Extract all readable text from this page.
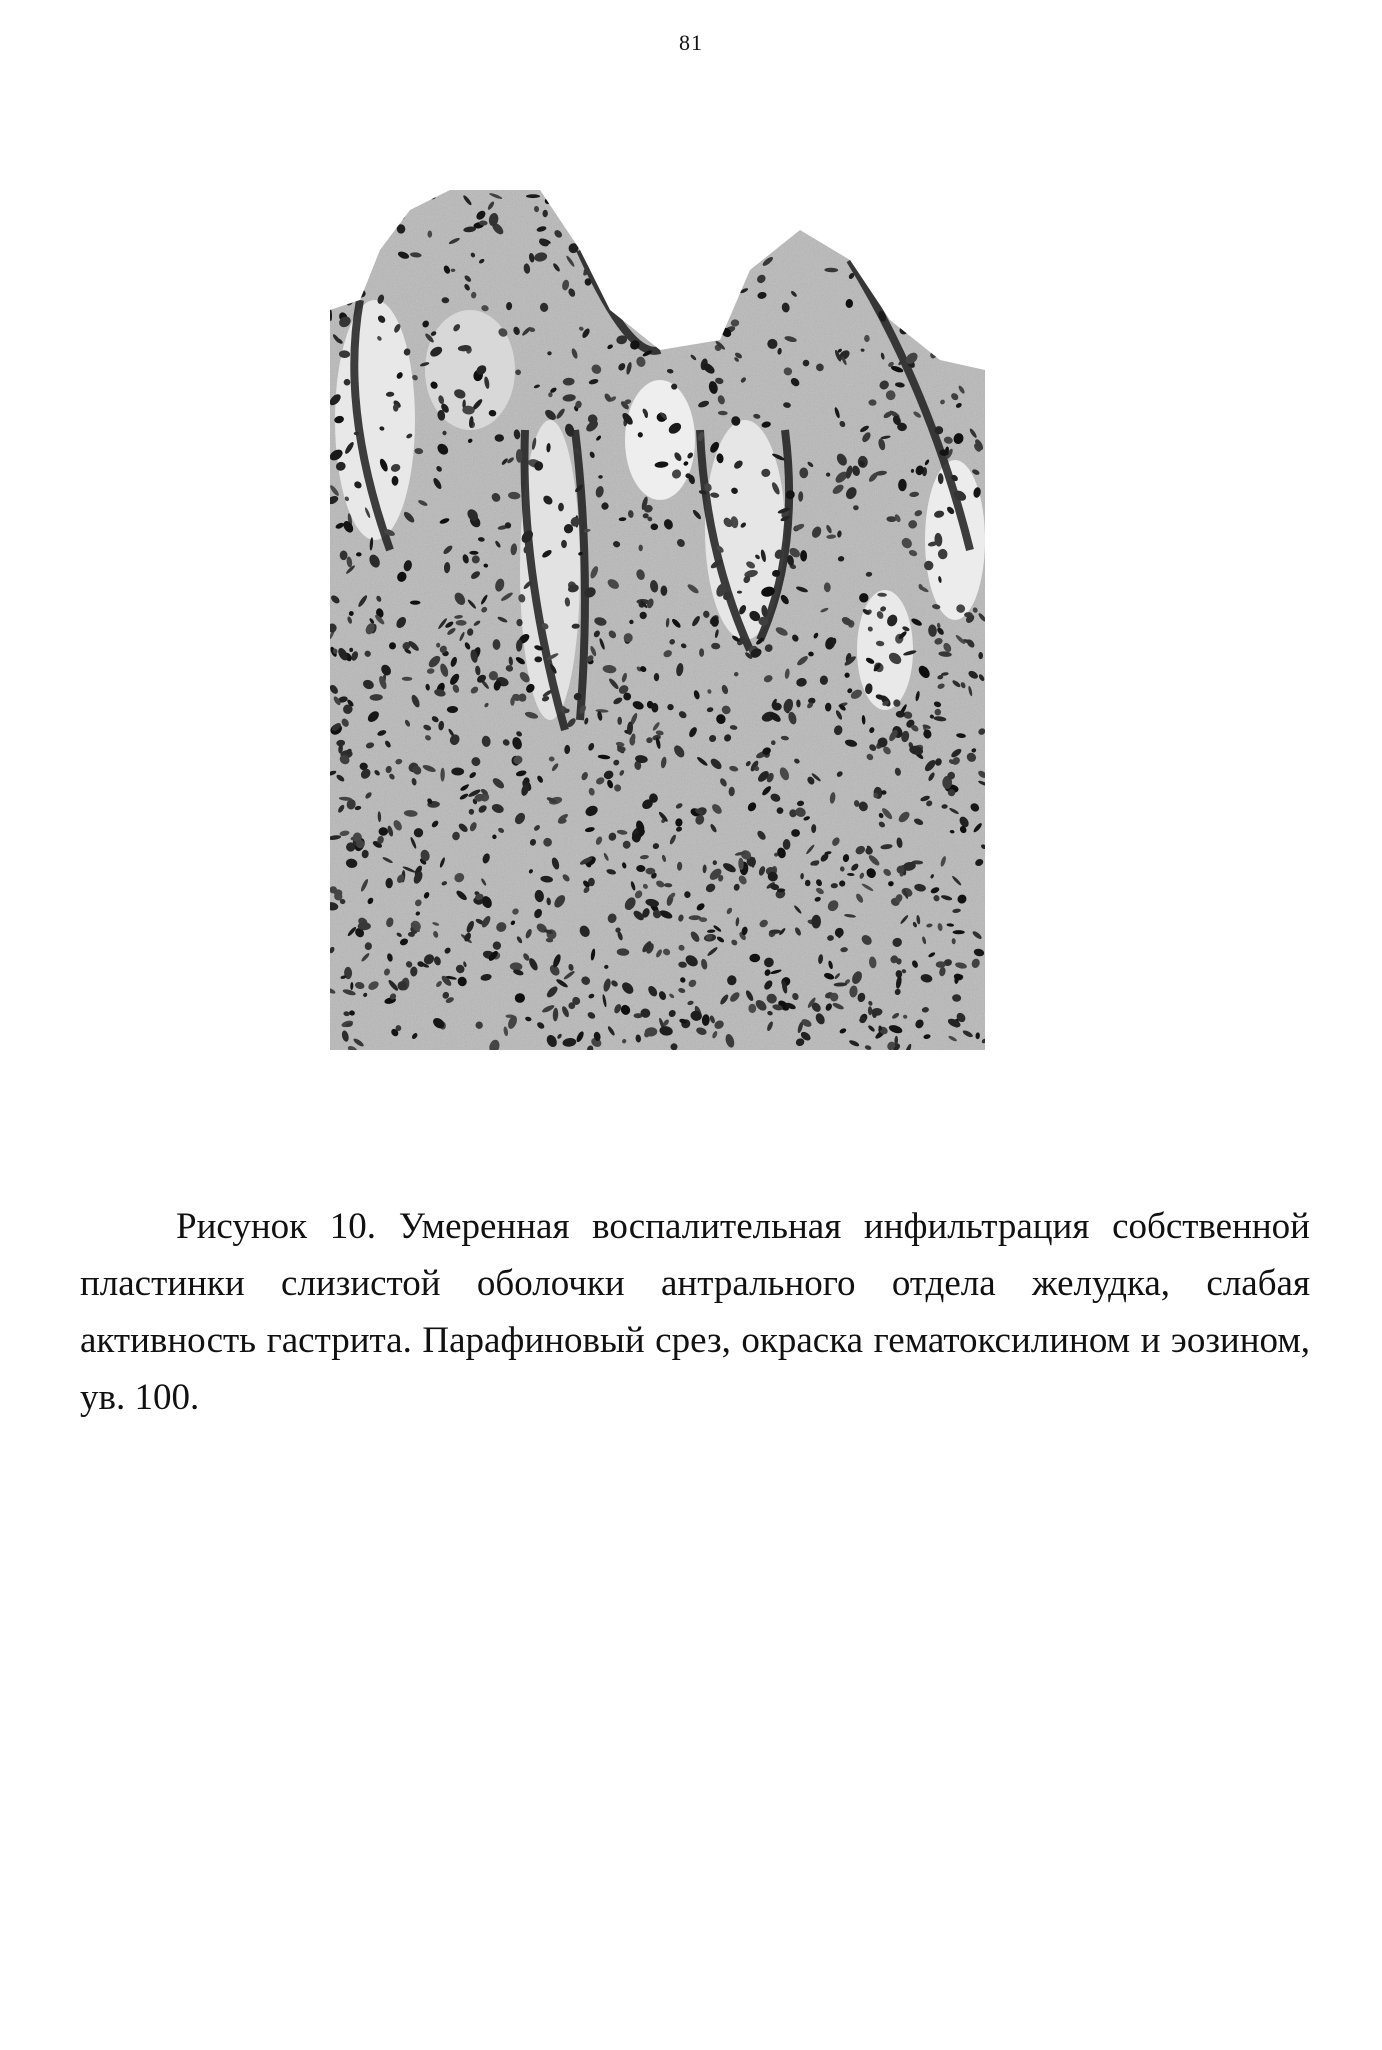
81

Рисунок 10. Умеренная воспалительная инфильтрация собственной пластинки слизистой оболочки антрального отдела желудка, слабая активность гастрита. Парафиновый срез, окраска гематоксилином и эозином, ув. 100.
